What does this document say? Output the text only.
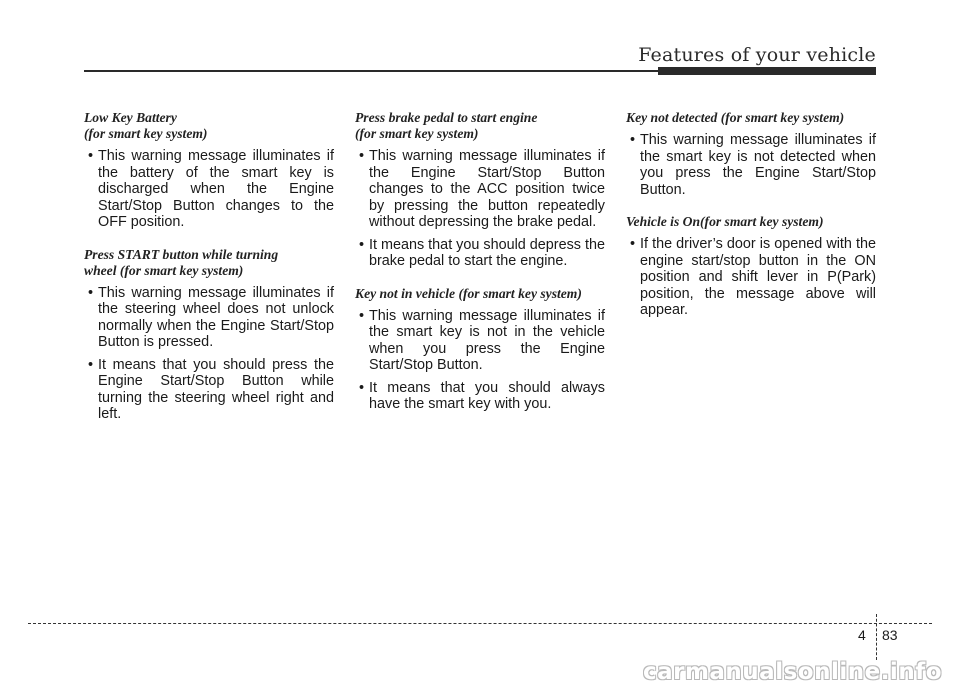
Features of your vehicle
Low Key Battery
(for smart key system)
• This warning message illuminates if the battery of the smart key is discharged when the Engine Start/Stop Button changes to the OFF position.
Press START button while turning
wheel (for smart key system)
• This warning message illuminates if the steering wheel does not unlock normally when the Engine Start/Stop Button is pressed.
• It means that you should press the Engine Start/Stop Button while turning the steering wheel right and left.
Press brake pedal to start engine
(for smart key system)
• This warning message illuminates if the Engine Start/Stop Button changes to the ACC position twice by pressing the button repeatedly without depressing the brake pedal.
• It means that you should depress the brake pedal to start the engine.
Key not in vehicle (for smart key system)
• This warning message illuminates if the smart key is not in the vehicle when you press the Engine Start/Stop Button.
• It means that you should always have the smart key with you.
Key not detected (for smart key system)
• This warning message illuminates if the smart key is not detected when you press the Engine Start/Stop Button.
Vehicle is On(for smart key system)
• If the driver’s door is opened with the engine start/stop button in the ON position and shift lever in P(Park) position, the message above will appear.
4 83
carmanualsonline.info
